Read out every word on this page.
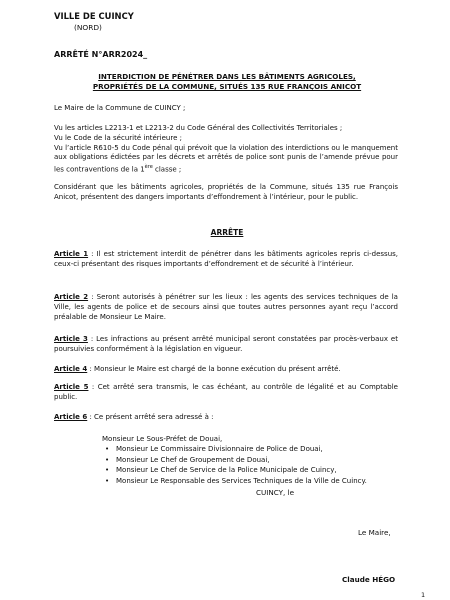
VILLE DE CUINCY
(NORD)
ARRÊTÉ N°ARR2024_
INTERDICTION DE PÉNÉTRER DANS LES BÂTIMENTS AGRICOLES,
PROPRIÉTÉS DE LA COMMUNE, SITUÉS 135 RUE FRANÇOIS ANICOT
Le Maire de la Commune de CUINCY ;
Vu les articles L2213-1 et L2213-2 du Code Général des Collectivités Territoriales ;
Vu le Code de la sécurité intérieure ;
Vu l’article R610-5 du Code pénal qui prévoit que la violation des interdictions ou le manquement aux obligations édictées par les décrets et arrêtés de police sont punis de l’amende prévue pour les contraventions de la 1ère classe ;
Considérant que les bâtiments agricoles, propriétés de la Commune, situés 135 rue François Anicot, présentent des dangers importants d’effondrement à l’intérieur, pour le public.
ARRÊTE
Article 1 : Il est strictement interdit de pénétrer dans les bâtiments agricoles repris ci-dessus, ceux-ci présentant des risques importants d’effondrement et de sécurité à l’intérieur.
Article 2 : Seront autorisés à pénétrer sur les lieux : les agents des services techniques de la Ville, les agents de police et de secours ainsi que toutes autres personnes ayant reçu l’accord préalable de Monsieur Le Maire.
Article 3 : Les infractions au présent arrêté municipal seront constatées par procès-verbaux et poursuivies conformément à la législation en vigueur.
Article 4 : Monsieur le Maire est chargé de la bonne exécution du présent arrêté.
Article 5 : Cet arrêté sera transmis, le cas échéant, au contrôle de légalité et au Comptable public.
Article 6 : Ce présent arrêté sera adressé à :
Monsieur Le Sous-Préfet de Douai,
• Monsieur Le Commissaire Divisionnaire de Police de Douai,
• Monsieur Le Chef de Groupement de Douai,
• Monsieur Le Chef de Service de la Police Municipale de Cuincy,
• Monsieur Le Responsable des Services Techniques de la Ville de Cuincy.
CUINCY, le
Le Maire,
Claude HÉGO
1
